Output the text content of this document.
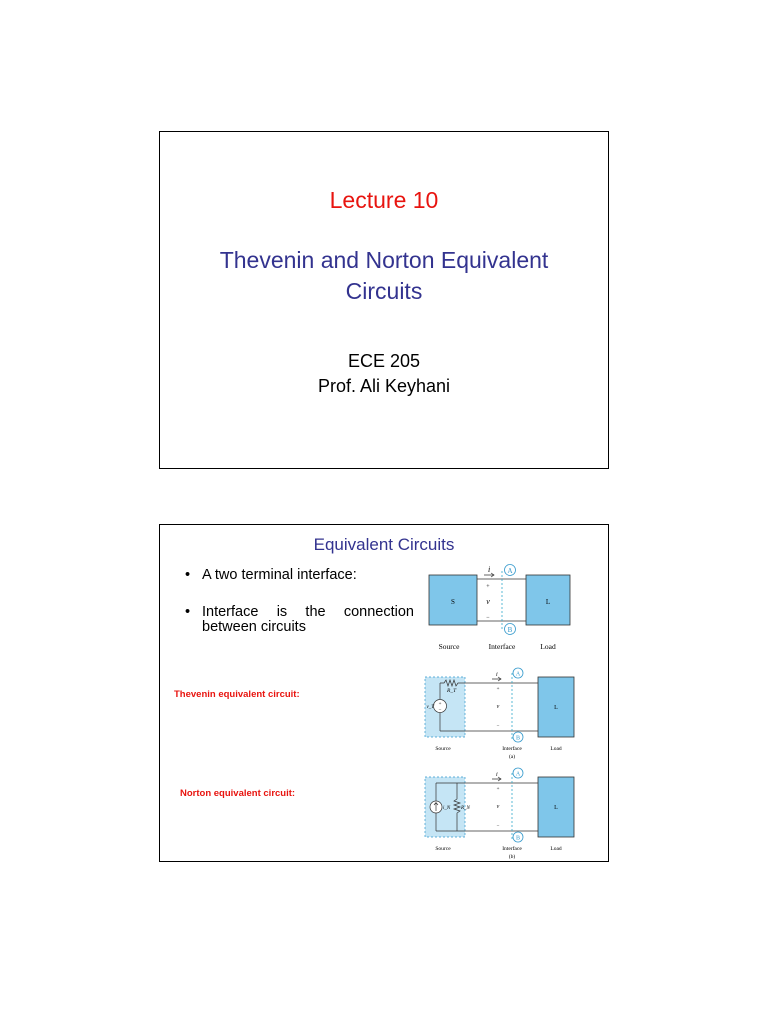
Lecture 10
Thevenin and Norton Equivalent
Circuits
ECE 205
Prof. Ali Keyhani
Equivalent Circuits
• A two terminal interface:
• Interface is the connection
between circuits
Thevenin equivalent circuit:
Norton equivalent circuit:
i A
B
+
v
−
S	L
Source	Interface	Load
+
−
A
B
i
+
v
−
R_T
v_T	L
Source	Interface
(a)
Load
A
B
i
+
v
−
i_N R_N	L
Source	Interface
(b)
Load
